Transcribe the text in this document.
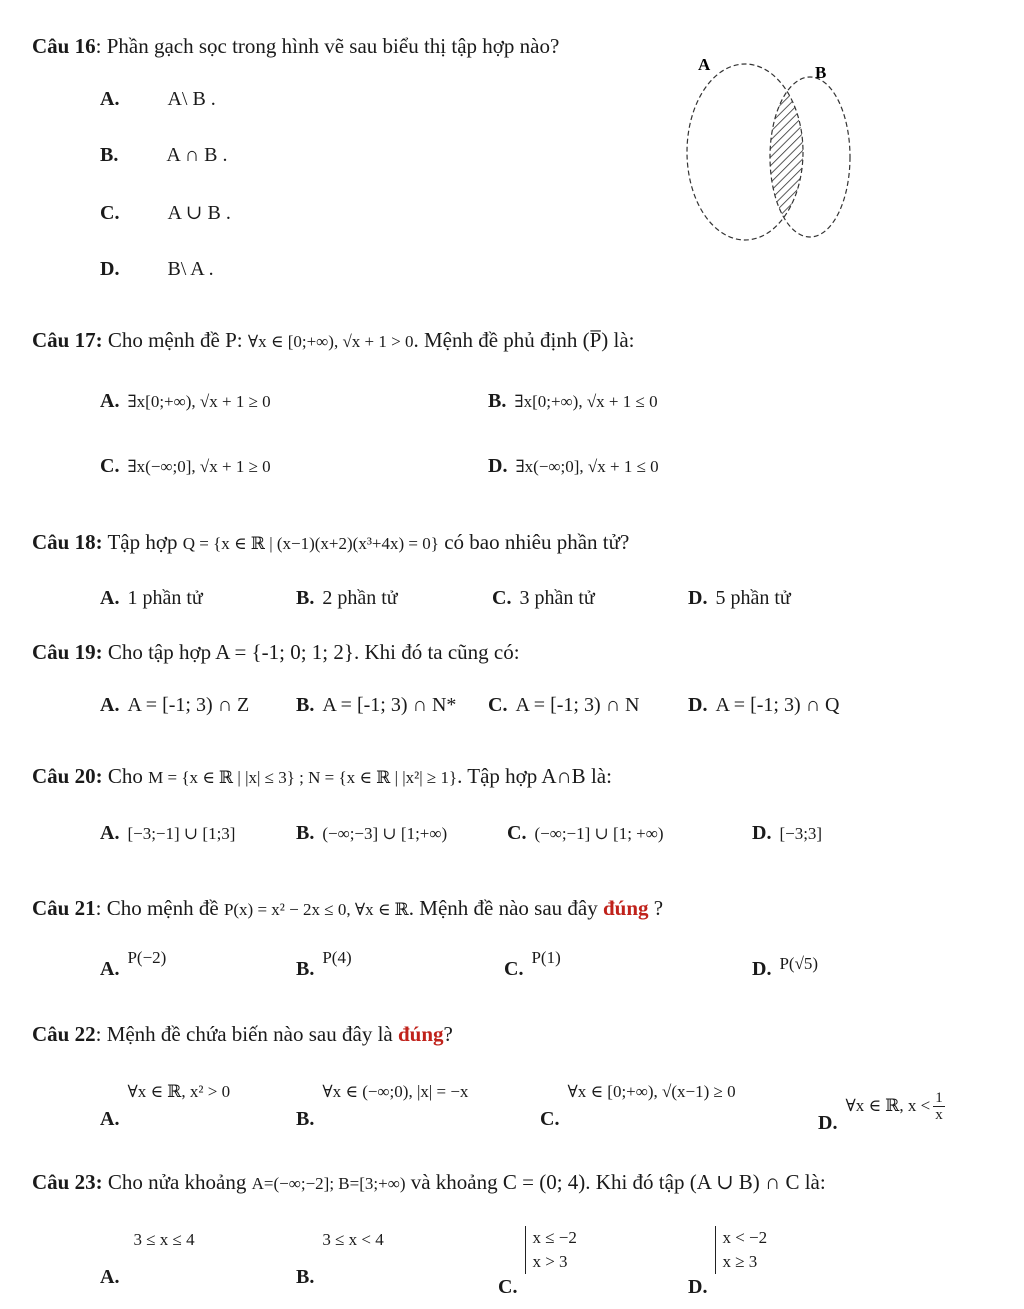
Câu 16: Phần gạch sọc trong hình vẽ sau biểu thị tập hợp nào?
A. A\ B .
B. A ∩ B .
C. A ∪ B .
D. B\ A .
A	B
Câu 17: Cho mệnh đề P: ∀x ∈ [0;+∞), √x + 1 > 0. Mệnh đề phủ định (P̅) là:
A. ∃x[0;+∞), √x + 1 ≥ 0	B. ∃x[0;+∞), √x + 1 ≤ 0
C. ∃x(−∞;0], √x + 1 ≥ 0	D. ∃x(−∞;0], √x + 1 ≤ 0
Câu 18: Tập hợp Q = {x ∈ ℝ | (x−1)(x+2)(x³+4x) = 0} có bao nhiêu phần tử?
A. 1 phần tử	B. 2 phần tử	C. 3 phần tử	D. 5 phần tử
Câu 19: Cho tập hợp A = {-1; 0; 1; 2}. Khi đó ta cũng có:
A. A = [-1; 3) ∩ Z B. A = [-1; 3) ∩ N* C. A = [-1; 3) ∩ N D. A = [-1; 3) ∩ Q
Câu 20: Cho M = {x ∈ ℝ | |x| ≤ 3} ; N = {x ∈ ℝ | |x²| ≥ 1}. Tập hợp A∩B là:
A. [−3;−1] ∪ [1;3]	B. (−∞;−3] ∪ [1;+∞)	C. (−∞;−1] ∪ [1; +∞)	D. [−3;3]
Câu 21: Cho mệnh đề P(x) = x² − 2x ≤ 0, ∀x ∈ ℝ. Mệnh đề nào sau đây đúng ?
A.$^{P(-2)}$
B.$^{P(4)}$
C.$^{P(1)}$
D. $^{P(√5)}$
Câu 22: Mệnh đề chứa biến nào sau đây là đúng?
A.∀x ∈ ℝ, x² > 0
B.∀x ∈ (−∞;0), |x| = −x
C.∀x ∈ [0;+∞), √(x−1) ≥ 0
$D._{\forall x \in ℝ, x <} \frac{1}{x}$
Câu 23: Cho nửa khoảng A=(−∞;−2]; B=[3;+∞) và khoảng C = (0; 4). Khi đó tập (A ∪ B) ∩ C là:
A.3 ≤ x ≤ 4
B.3 ≤ x < 4
C.
x ≤ −2
x > 3
D.
x < −2
x ≥ 3
